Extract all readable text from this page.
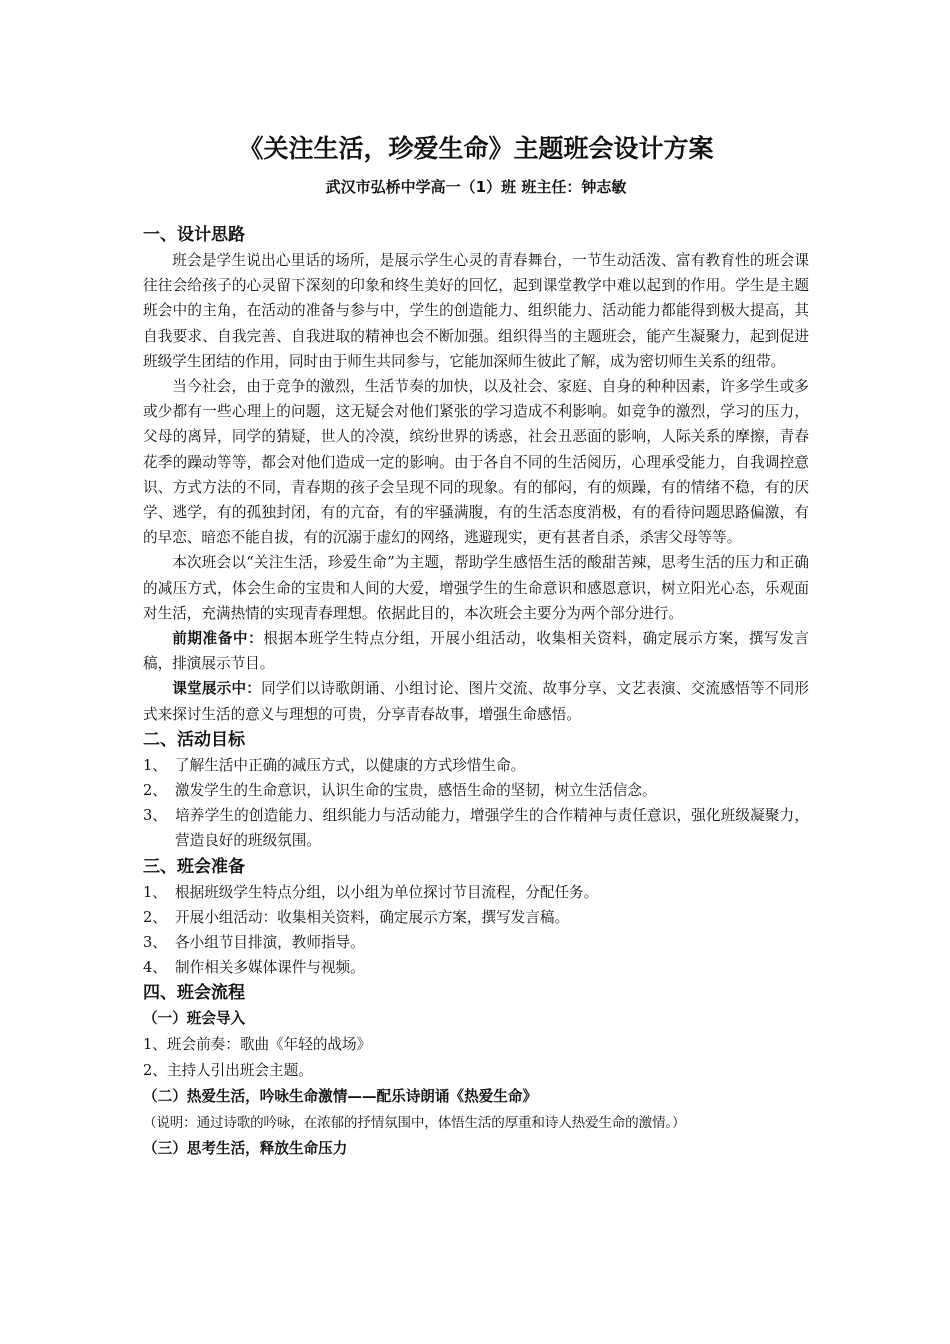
《关注生活，珍爱生命》主题班会设计方案
武汉市弘桥中学高一（1）班 班主任：钟志敏
一、设计思路

班会是学生说出心里话的场所，是展示学生心灵的青春舞台，一节生动活泼、富有教育性的班会课往往会给孩子的心灵留下深刻的印象和终生美好的回忆，起到课堂教学中难以起到的作用。学生是主题班会中的主角，在活动的准备与参与中，学生的创造能力、组织能力、活动能力都能得到极大提高，其自我要求、自我完善、自我进取的精神也会不断加强。组织得当的主题班会，能产生凝聚力，起到促进班级学生团结的作用，同时由于师生共同参与，它能加深师生彼此了解，成为密切师生关系的纽带。

当今社会，由于竞争的激烈，生活节奏的加快，以及社会、家庭、自身的种种因素，许多学生或多或少都有一些心理上的问题，这无疑会对他们紧张的学习造成不利影响。如竞争的激烈，学习的压力，父母的离异，同学的猜疑，世人的冷漠，缤纷世界的诱惑，社会丑恶面的影响，人际关系的摩擦，青春花季的躁动等等，都会对他们造成一定的影响。由于各自不同的生活阅历，心理承受能力，自我调控意识、方式方法的不同，青春期的孩子会呈现不同的现象。有的郁闷，有的烦躁，有的情绪不稳，有的厌学、逃学，有的孤独封闭，有的亢奋，有的牢骚满腹，有的生活态度消极，有的看待问题思路偏激，有的早恋、暗恋不能自拔，有的沉溺于虚幻的网络，逃避现实，更有甚者自杀，杀害父母等等。

本次班会以“关注生活，珍爱生命”为主题，帮助学生感悟生活的酸甜苦辣，思考生活的压力和正确的减压方式，体会生命的宝贵和人间的大爱，增强学生的生命意识和感恩意识，树立阳光心态，乐观面对生活，充满热情的实现青春理想。依据此目的，本次班会主要分为两个部分进行。

前期准备中：根据本班学生特点分组，开展小组活动，收集相关资料，确定展示方案，撰写发言稿，排演展示节目。

课堂展示中：同学们以诗歌朗诵、小组讨论、图片交流、故事分享、文艺表演、交流感悟等不同形式来探讨生活的意义与理想的可贵，分享青春故事，增强生命感悟。

二、活动目标

1、 了解生活中正确的减压方式，以健康的方式珍惜生命。

2、 激发学生的生命意识，认识生命的宝贵，感悟生命的坚韧，树立生活信念。

3、 培养学生的创造能力、组织能力与活动能力，增强学生的合作精神与责任意识，强化班级凝聚力，营造良好的班级氛围。

三、班会准备

1、 根据班级学生特点分组，以小组为单位探讨节目流程，分配任务。

2、 开展小组活动：收集相关资料，确定展示方案，撰写发言稿。

3、 各小组节目排演，教师指导。

4、 制作相关多媒体课件与视频。

四、班会流程

（一）班会导入

1、班会前奏：歌曲《年轻的战场》

2、主持人引出班会主题。

（二）热爱生活，吟咏生命激情——配乐诗朗诵《热爱生命》

（说明：通过诗歌的吟咏，在浓郁的抒情氛围中，体悟生活的厚重和诗人热爱生命的激情。）

（三）思考生活，释放生命压力
